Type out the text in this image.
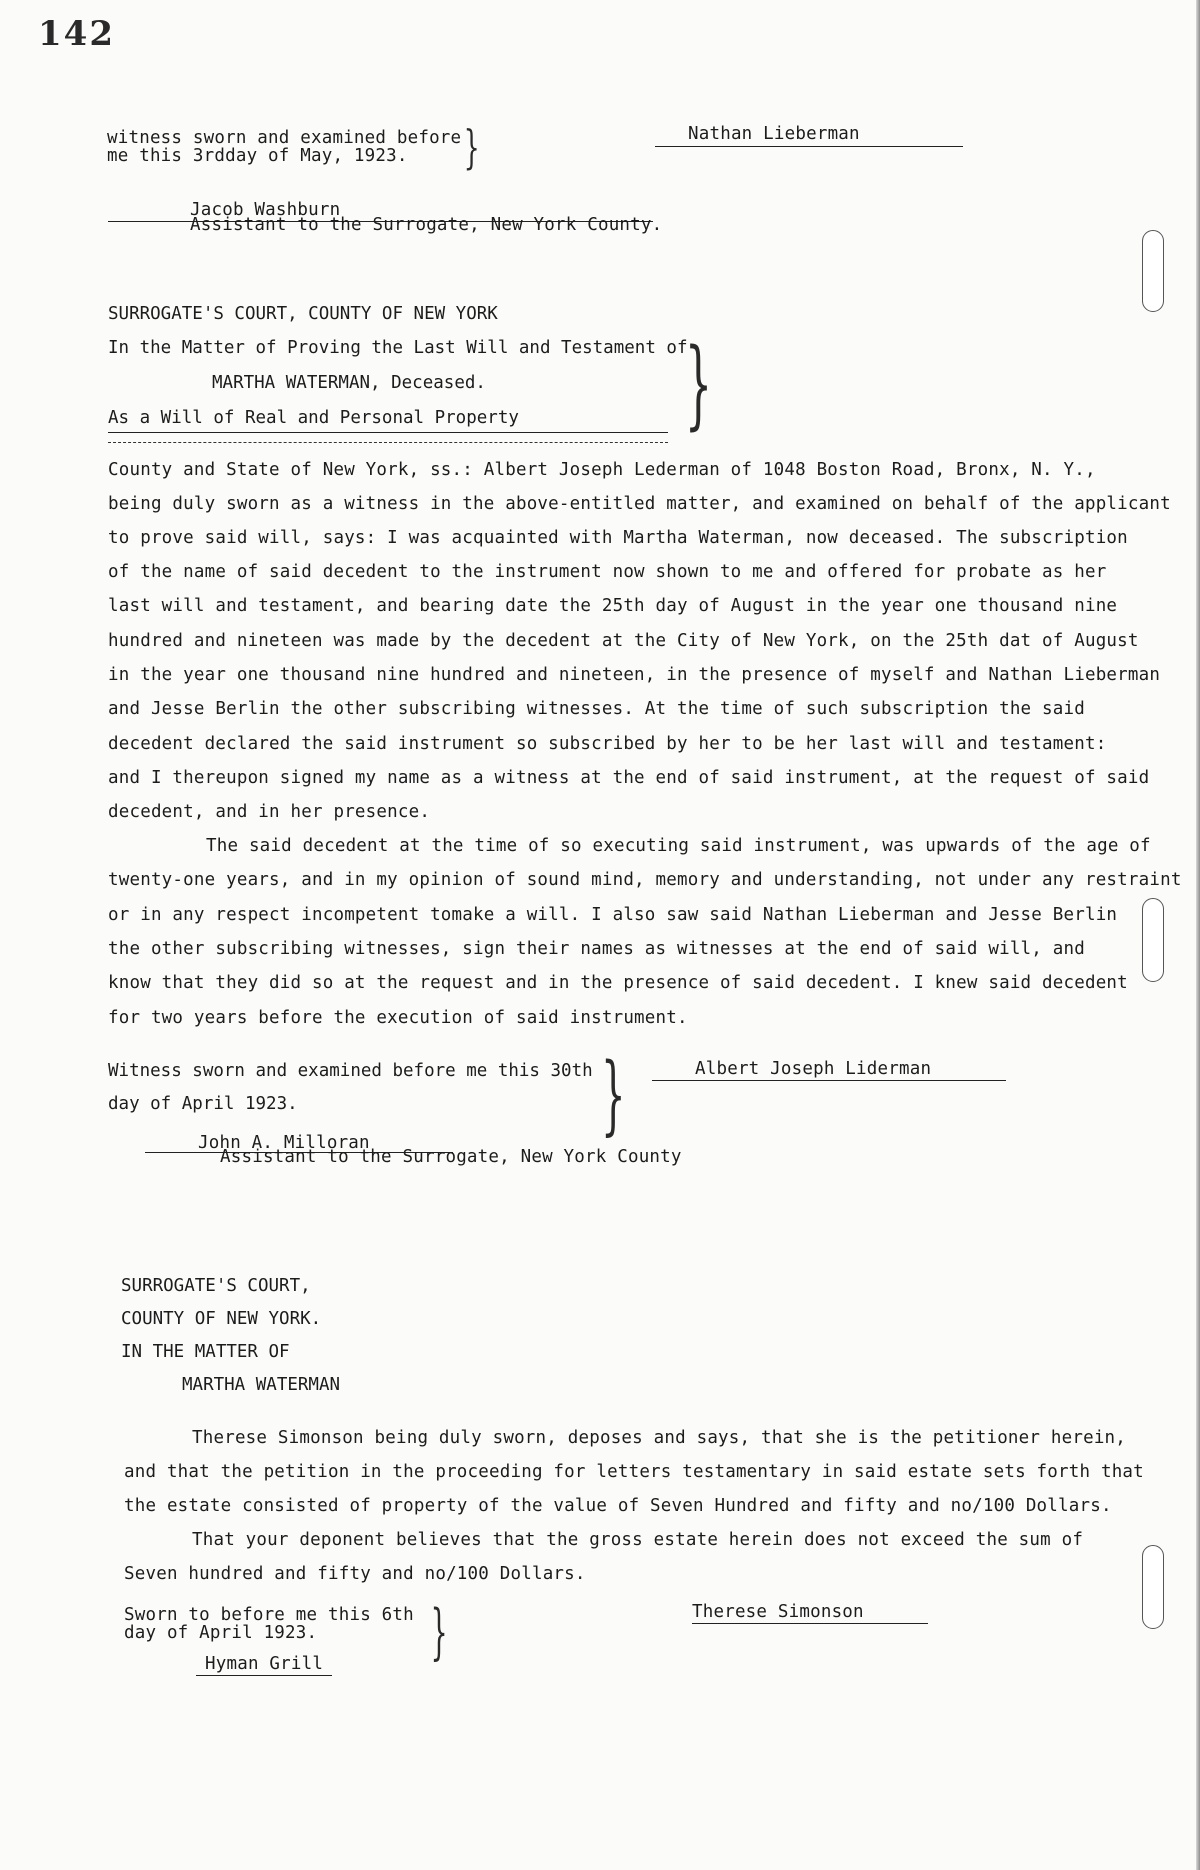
142
witness sworn and examined before
me this 3rdday of May, 1923. }	Nathan Lieberman
Jacob Washburn
Assistant to the Surrogate, New York County.
SURROGATE'S COURT, COUNTY OF NEW YORK
In the Matter of Proving the Last Will and Testament of
MARTHA WATERMAN, Deceased.
As a Will of Real and Personal Property }
County and State of New York, ss.: Albert Joseph Lederman of 1048 Boston Road, Bronx, N. Y.,
being duly sworn as a witness in the above-entitled matter, and examined on behalf of the applicant
to prove said will, says: I was acquainted with Martha Waterman, now deceased. The subscription
of the name of said decedent to the instrument now shown to me and offered for probate as her
last will and testament, and bearing date the 25th day of August in the year one thousand nine
hundred and nineteen was made by the decedent at the City of New York, on the 25th dat of August
in the year one thousand nine hundred and nineteen, in the presence of myself and Nathan Lieberman
and Jesse Berlin the other subscribing witnesses. At the time of such subscription the said
decedent declared the said instrument so subscribed by her to be her last will and testament:
and I thereupon signed my name as a witness at the end of said instrument, at the request of said
decedent, and in her presence.
The said decedent at the time of so executing said instrument, was upwards of the age of
twenty-one years, and in my opinion of sound mind, memory and understanding, not under any restraint
or in any respect incompetent tomake a will. I also saw said Nathan Lieberman and Jesse Berlin
the other subscribing witnesses, sign their names as witnesses at the end of said will, and
know that they did so at the request and in the presence of said decedent. I knew said decedent
for two years before the execution of said instrument.
Witness sworn and examined before me this 30th
day of April 1923.	}	Albert Joseph Liderman
John A. Milloran
Assistant to the Surrogate, New York County
SURROGATE'S COURT,
COUNTY OF NEW YORK.
IN THE MATTER OF
MARTHA WATERMAN
Therese Simonson being duly sworn, deposes and says, that she is the petitioner herein,
and that the petition in the proceeding for letters testamentary in said estate sets forth that
the estate consisted of property of the value of Seven Hundred and fifty and no/100 Dollars.
That your deponent believes that the gross estate herein does not exceed the sum of
Seven hundred and fifty and no/100 Dollars.
Sworn to before me this 6th
day of April 1923. }	Therese Simonson
Hyman Grill
